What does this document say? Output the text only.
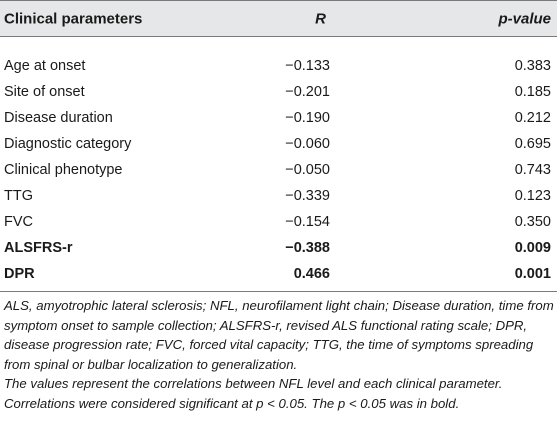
Clinical parameters	R	p-value
Age at onset	−0.133	0.383
Site of onset	−0.201	0.185
Disease duration	−0.190	0.212
Diagnostic category	−0.060	0.695
Clinical phenotype	−0.050	0.743
TTG	−0.339	0.123
FVC	−0.154	0.350
ALSFRS-r	−0.388	0.009
DPR	0.466	0.001

ALS, amyotrophic lateral sclerosis; NFL, neurofilament light chain; Disease duration, time from symptom onset to sample collection; ALSFRS-r, revised ALS functional rating scale; DPR, disease progression rate; FVC, forced vital capacity; TTG, the time of symptoms spreading from spinal or bulbar localization to generalization.

The values represent the correlations between NFL level and each clinical parameter. Correlations were considered significant at p < 0.05. The p < 0.05 was in bold.
